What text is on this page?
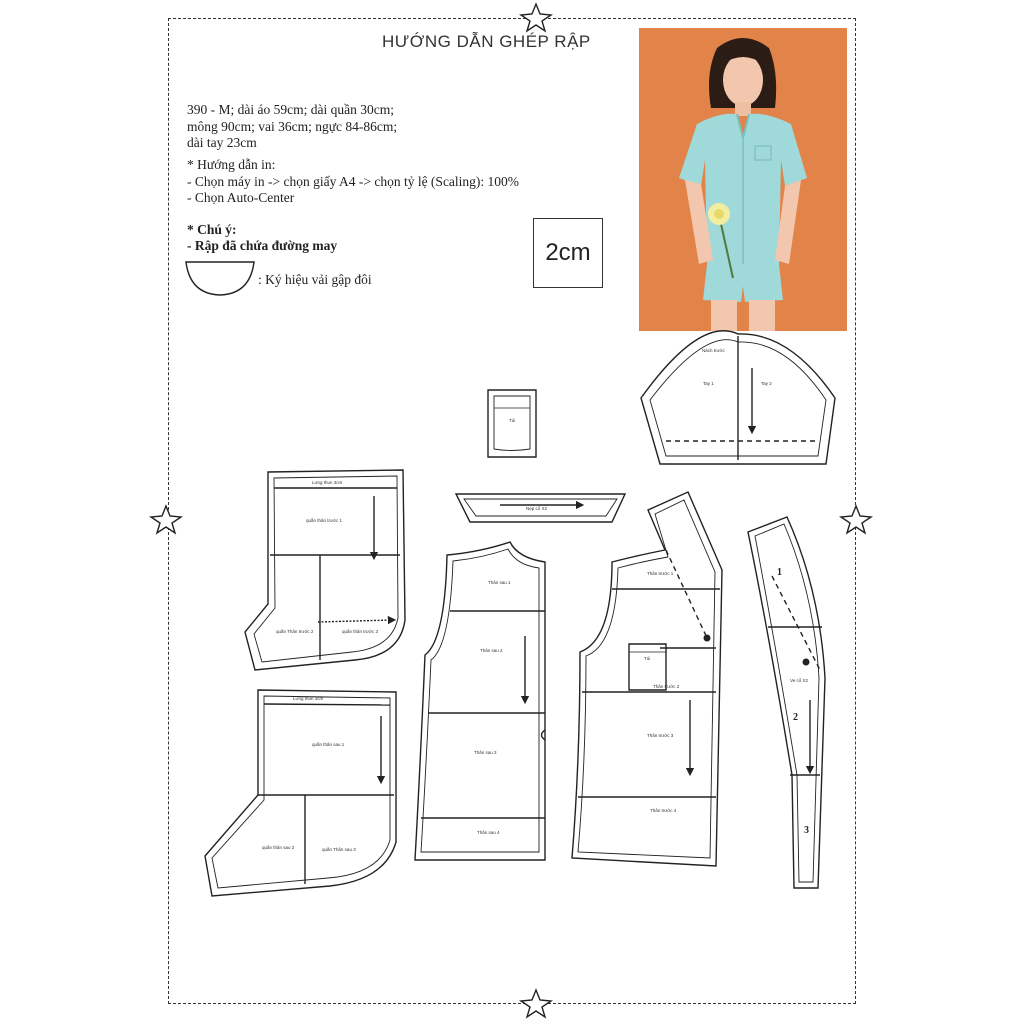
HƯỚNG DẪN GHÉP RẬP
390 - M; dài áo 59cm; dài quần 30cm;
mông 90cm; vai 36cm; ngực 84-86cm;
dài tay 23cm
* Hướng dẫn in:
- Chọn máy in -> chọn giấy A4 -> chọn tỷ lệ (Scaling): 100%
- Chọn Auto-Center
* Chú ý:
- Rập đã chứa đường may
: Ký hiệu vải gập đôi
2cm
Nách trước
Tay 1	Tay 2
Túi
Nẹp cổ X2
Lưng thun 3cm
quần thân trước 1
quần Thân trước 2	quần thân trước 3
Lưng thun 3cm
quần thân sau 1
quần thân sau 2	quần Thân sau 3
Thân sau 1
Thân sau 2
Thân sau 3
Thân sau 4
Thân trước 1
Túi
Thân trước 2
Thân trước 3
Thân trước 4
1
2
3
Ve cổ X2
